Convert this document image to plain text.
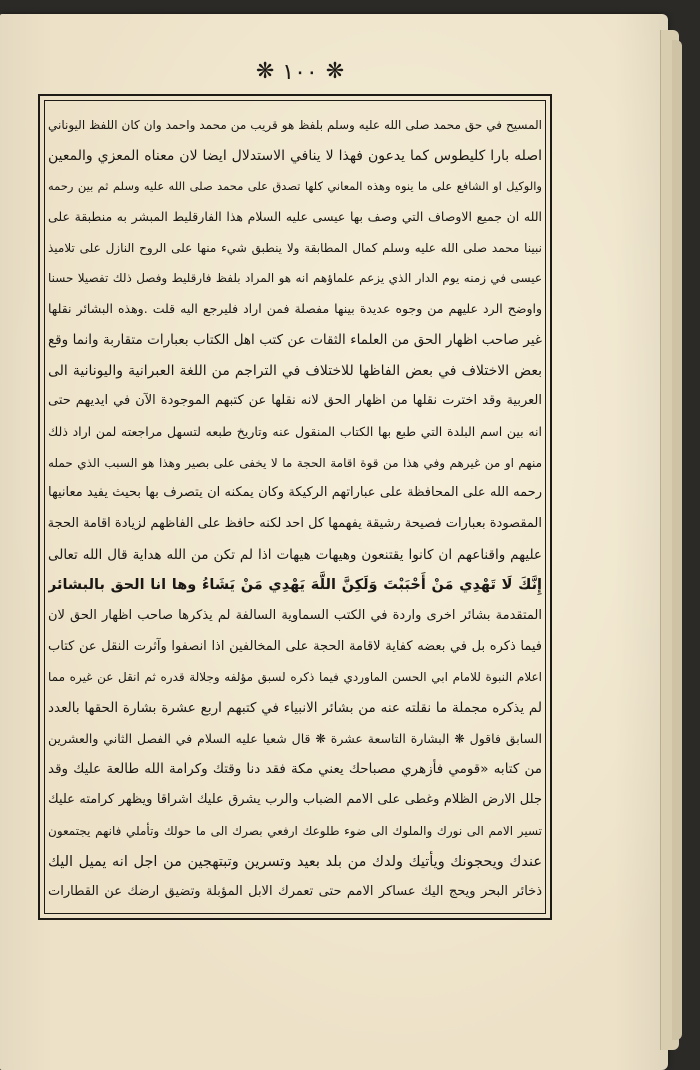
❋ ١٠٠ ❋
المسيح في حق محمد صلى الله عليه وسلم بلفظ هو قريب من محمد واحمد وان كان اللفظ اليوناني
اصله بارا كليطوس كما يدعون فهذا لا ينافي الاستدلال ايضا لان معناه المعزي والمعين
والوكيل او الشافع على ما ينوه وهذه المعاني كلها تصدق على محمد صلى الله عليه وسلم ثم بين رحمه
الله ان جميع الاوصاف التي وصف بها عيسى عليه السلام هذا الفارقليط المبشر به منطبقة على
نبينا محمد صلى الله عليه وسلم كمال المطابقة ولا ينطبق شيء منها على الروح النازل على تلاميذ
عيسى في زمنه يوم الدار الذي يزعم علماؤهم انه هو المراد بلفظ فارقليط وفصل ذلك تفصيلا حسنا
واوضح الرد عليهم من وجوه عديدة بينها مفصلة فمن اراد فليرجع اليه قلت .وهذه البشائر نقلها
غير صاحب اظهار الحق من العلماء الثقات عن كتب اهل الكتاب بعبارات متقاربة وانما وقع
بعض الاختلاف في بعض الفاظها للاختلاف في التراجم من اللغة العبرانية واليونانية الى
العربية وقد اخترت نقلها من اظهار الحق لانه نقلها عن كتبهم الموجودة الآن في ايديهم حتى
انه بين اسم البلدة التي طبع بها الكتاب المنقول عنه وتاريخ طبعه لتسهل مراجعته لمن اراد ذلك
منهم او من غيرهم وفي هذا من قوة اقامة الحجة ما لا يخفى على بصير وهذا هو السبب الذي حمله
رحمه الله على المحافظة على عباراتهم الركيكة وكان يمكنه ان يتصرف بها بحيث يفيد معانيها
المقصودة بعبارات فصيحة رشيقة يفهمها كل احد لكنه حافظ على الفاظهم لزيادة اقامة الحجة
عليهم واقناعهم ان كانوا يقتنعون وهيهات هيهات اذا لم تكن من الله هداية قال الله تعالى
إِنَّكَ لَا تَهْدِي مَنْ أَحْبَبْتَ وَلَكِنَّ اللَّهَ يَهْدِي مَنْ يَشَاءُ وها انا الحق بالبشائر
المتقدمة بشائر اخرى واردة في الكتب السماوية السالفة لم يذكرها صاحب اظهار الحق لان
فيما ذكره بل في بعضه كفاية لاقامة الحجة على المخالفين اذا انصفوا وآثرت النقل عن كتاب
اعلام النبوة للامام ابي الحسن الماوردي فيما ذكره لسبق مؤلفه وجلالة قدره ثم انقل عن غيره مما
لم يذكره مجملة ما نقلته عنه من بشائر الانبياء في كتبهم اربع عشرة بشارة الحقها بالعدد
السابق فاقول ❋ البشارة التاسعة عشرة ❋ قال شعيا عليه السلام في الفصل الثاني والعشرين
من كتابه «قومي فأزهري مصباحك يعني مكة فقد دنا وقتك وكرامة الله طالعة عليك وقد
جلل الارض الظلام وغطى على الامم الضباب والرب يشرق عليك اشراقا ويظهر كرامته عليك
تسير الامم الى نورك والملوك الى ضوء طلوعك ارفعي بصرك الى ما حولك وتأملي فانهم يجتمعون
عندك ويحجونك ويأتيك ولدك من بلد بعيد وتسرين وتبتهجين من اجل انه يميل اليك
ذخائر البحر ويحج اليك عساكر الامم حتى تعمرك الابل المؤبلة وتضيق ارضك عن القطارات
